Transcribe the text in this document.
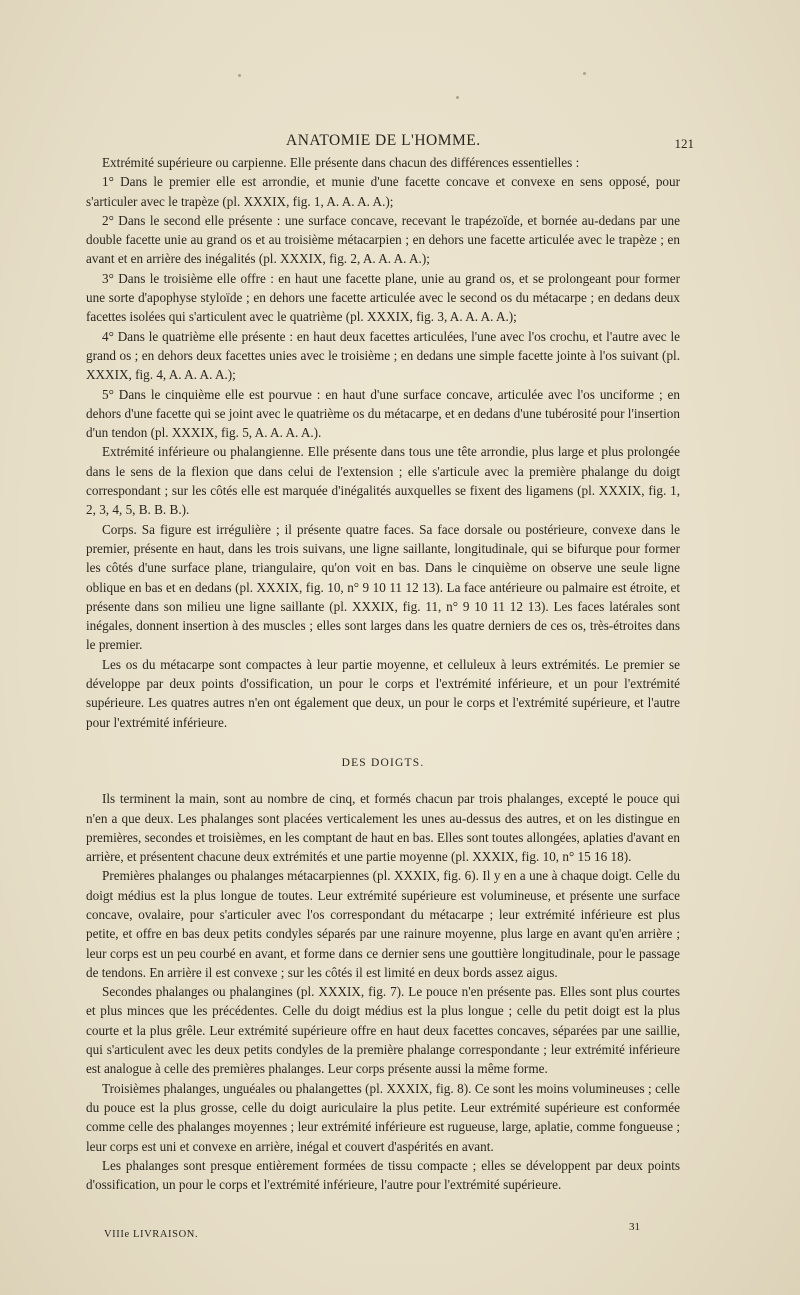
ANATOMIE DE L'HOMME.	121

Extrémité supérieure ou carpienne. Elle présente dans chacun des différences essentielles :

1° Dans le premier elle est arrondie, et munie d'une facette concave et convexe en sens opposé, pour s'articuler avec le trapèze (pl. XXXIX, fig. 1, A. A. A. A.);

2° Dans le second elle présente : une surface concave, recevant le trapézoïde, et bornée au-dedans par une double facette unie au grand os et au troisième métacarpien ; en dehors une facette articulée avec le trapèze ; en avant et en arrière des inégalités (pl. XXXIX, fig. 2, A. A. A. A.);

3° Dans le troisième elle offre : en haut une facette plane, unie au grand os, et se prolongeant pour former une sorte d'apophyse styloïde ; en dehors une facette articulée avec le second os du métacarpe ; en dedans deux facettes isolées qui s'articulent avec le quatrième (pl. XXXIX, fig. 3, A. A. A. A.);

4° Dans le quatrième elle présente : en haut deux facettes articulées, l'une avec l'os crochu, et l'autre avec le grand os ; en dehors deux facettes unies avec le troisième ; en dedans une simple facette jointe à l'os suivant (pl. XXXIX, fig. 4, A. A. A. A.);

5° Dans le cinquième elle est pourvue : en haut d'une surface concave, articulée avec l'os unciforme ; en dehors d'une facette qui se joint avec le quatrième os du métacarpe, et en dedans d'une tubérosité pour l'insertion d'un tendon (pl. XXXIX, fig. 5, A. A. A. A.).

Extrémité inférieure ou phalangienne. Elle présente dans tous une tête arrondie, plus large et plus prolongée dans le sens de la flexion que dans celui de l'extension ; elle s'articule avec la première phalange du doigt correspondant ; sur les côtés elle est marquée d'inégalités auxquelles se fixent des ligamens (pl. XXXIX, fig. 1, 2, 3, 4, 5, B. B. B.).

Corps. Sa figure est irrégulière ; il présente quatre faces. Sa face dorsale ou postérieure, convexe dans le premier, présente en haut, dans les trois suivans, une ligne saillante, longitudinale, qui se bifurque pour former les côtés d'une surface plane, triangulaire, qu'on voit en bas. Dans le cinquième on observe une seule ligne oblique en bas et en dedans (pl. XXXIX, fig. 10, n° 9 10 11 12 13). La face antérieure ou palmaire est étroite, et présente dans son milieu une ligne saillante (pl. XXXIX, fig. 11, n° 9 10 11 12 13). Les faces latérales sont inégales, donnent insertion à des muscles ; elles sont larges dans les quatre derniers de ces os, très-étroites dans le premier.

Les os du métacarpe sont compactes à leur partie moyenne, et celluleux à leurs extrémités. Le premier se développe par deux points d'ossification, un pour le corps et l'extrémité inférieure, et un pour l'extrémité supérieure. Les quatres autres n'en ont également que deux, un pour le corps et l'extrémité supérieure, et l'autre pour l'extrémité inférieure.

DES DOIGTS.

Ils terminent la main, sont au nombre de cinq, et formés chacun par trois phalanges, excepté le pouce qui n'en a que deux. Les phalanges sont placées verticalement les unes au-dessus des autres, et on les distingue en premières, secondes et troisièmes, en les comptant de haut en bas. Elles sont toutes allongées, aplaties d'avant en arrière, et présentent chacune deux extrémités et une partie moyenne (pl. XXXIX, fig. 10, n° 15 16 18).

Premières phalanges ou phalanges métacarpiennes (pl. XXXIX, fig. 6). Il y en a une à chaque doigt. Celle du doigt médius est la plus longue de toutes. Leur extrémité supérieure est volumineuse, et présente une surface concave, ovalaire, pour s'articuler avec l'os correspondant du métacarpe ; leur extrémité inférieure est plus petite, et offre en bas deux petits condyles séparés par une rainure moyenne, plus large en avant qu'en arrière ; leur corps est un peu courbé en avant, et forme dans ce dernier sens une gouttière longitudinale, pour le passage de tendons. En arrière il est convexe ; sur les côtés il est limité en deux bords assez aigus.

Secondes phalanges ou phalangines (pl. XXXIX, fig. 7). Le pouce n'en présente pas. Elles sont plus courtes et plus minces que les précédentes. Celle du doigt médius est la plus longue ; celle du petit doigt est la plus courte et la plus grêle. Leur extrémité supérieure offre en haut deux facettes concaves, séparées par une saillie, qui s'articulent avec les deux petits condyles de la première phalange correspondante ; leur extrémité inférieure est analogue à celle des premières phalanges. Leur corps présente aussi la même forme.

Troisièmes phalanges, unguéales ou phalangettes (pl. XXXIX, fig. 8). Ce sont les moins volumineuses ; celle du pouce est la plus grosse, celle du doigt auriculaire la plus petite. Leur extrémité supérieure est conformée comme celle des phalanges moyennes ; leur extrémité inférieure est rugueuse, large, aplatie, comme fongueuse ; leur corps est uni et convexe en arrière, inégal et couvert d'aspérités en avant.

Les phalanges sont presque entièrement formées de tissu compacte ; elles se développent par deux points d'ossification, un pour le corps et l'extrémité inférieure, l'autre pour l'extrémité supérieure.

VIIIe LIVRAISON.
31
